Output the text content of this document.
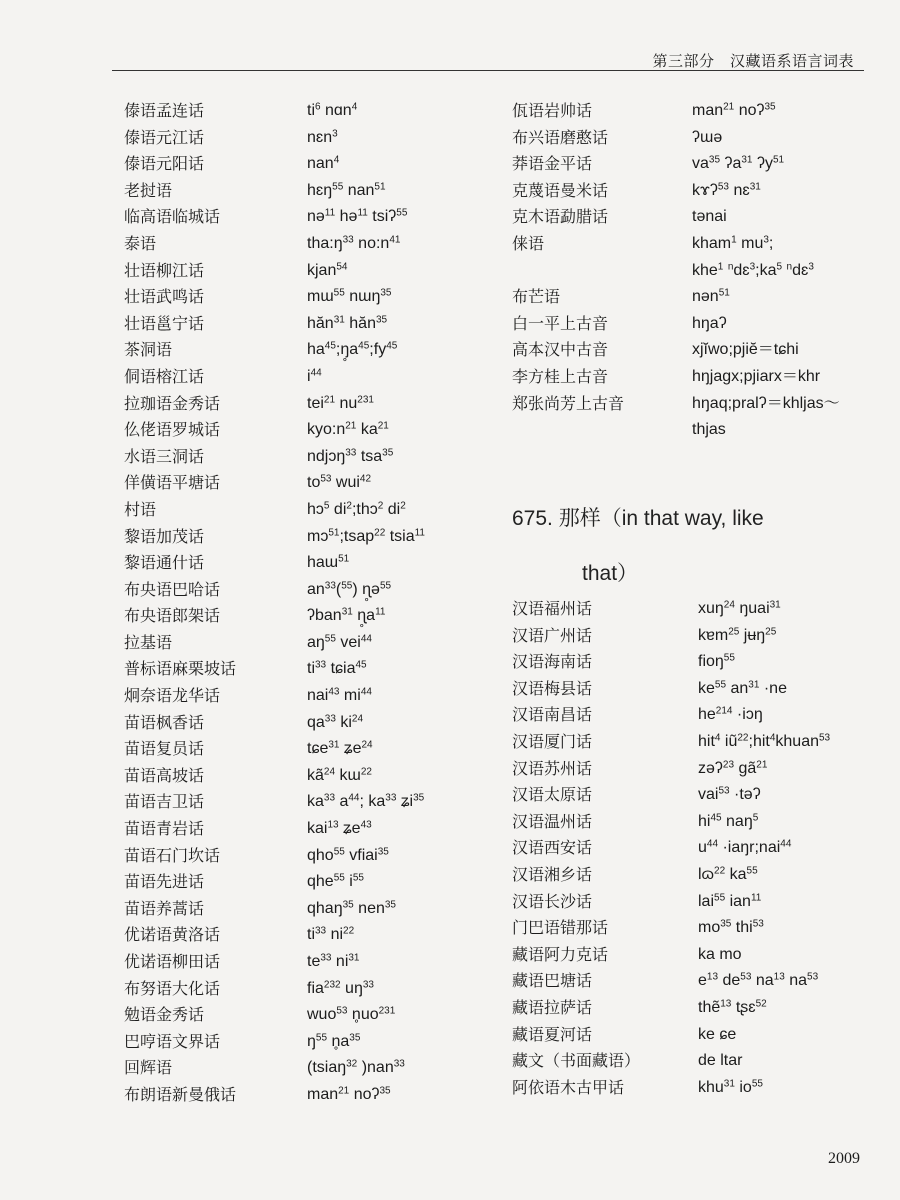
第三部分　汉藏语系语言词表
傣语孟连话	$ti^6$ nɑn$^4$
傣语元江话	nɛn$^3$
傣语元阳话	nan$^4$
老挝语	hɛŋ$^{55}$ nan$^{51}$
临高语临城话	nə$^{11}$ hə$^{11}$ tsiʔ$^{55}$
泰语	$tha:ŋ^{33}$ $no:n^{41}$
壮语柳江话	kjan$^{54}$
壮语武鸣话	mɯ$^{55}$ nɯŋ$^{35}$
壮语邕宁话	hăn$^{31}$ hăn$^{35}$
茶洞语	$ha^{45};ŋ̥a^{45};fy^{45}$
侗语榕江话	$i^{44}$
拉珈语金秀话	tei$^{21}$ $nu^{231}$
仫佬语罗城话	$kyo:n^{21}$ $ka^{21}$
水语三洞话	ndjɔŋ$^{33}$ tsa$^{35}$
佯僙语平塘话	$to^{53}$ wui$^{42}$
村语	hɔ$^5$ $di^2;thɔ^2$ $di^2$
黎语加茂话	mɔ$^{51}$;tsap$^{22}$ tsia$^{11}$
黎语通什话	haɯ$^{51}$
布央语巴哈话	$an^{33}(^{55})$ ɳ̥ə$^{55}$
布央语郎架话	ʔban$^{31}$ $ɳ̥a^{11}$
拉基语	$aŋ^{55}$ vei$^{44}$
普标语麻栗坡话	$ti^{33}$ tɕia$^{45}$
炯奈语龙华话	nai$^{43}$ $mi^{44}$
苗语枫香话	$qa^{33}$ $ki^{24}$
苗语复员话	tɕe$^{31}$ ʑe$^{24}$
苗语高坡话	$kã^{24}$ kɯ$^{22}$
苗语吉卫话	$ka^{33}$ $a^{44}$; $ka^{33}$ ʑi$^{35}$
苗语青岩话	kai$^{13}$ ʑe$^{43}$
苗语石门坎话	qho$^{55}$ vfiai$^{35}$
苗语先进话	qhe$^{55}$ $i^{55}$
苗语养蒿话	qhaŋ$^{35}$ nen$^{35}$
优诺语黄洛话	$ti^{33}$ $ni^{22}$
优诺语柳田话	$te^{33}$ $ni^{31}$
布努语大化话	fia$^{232}$ $uŋ^{33}$
勉语金秀话	wuo$^{53}$ $n̥uo^{231}$
巴哼语文界话	$ŋ^{55}$ $n̥a^{35}$
回辉语	(tsiaŋ$^{32}$ )nan$^{33}$
布朗语新曼俄话	man$^{21}$ noʔ$^{35}$
佤语岩帅话	man$^{21}$ noʔ$^{35}$
布兴语磨憨话	ʔɯə
莽语金平话	$va^{35}$ ʔa$^{31}$ ʔy$^{51}$
克蔑语曼米话	kɤʔ$^{53}$ nɛ$^{31}$
克木语勐腊话	tənai
俫语	kham$^1$ $mu^3$;
khe$^1$ $^ndɛ^3;ka^5$ $^n$dɛ$^3$
布芒语	nən$^{51}$
白一平上古音	hŋaʔ
高本汉中古音	xjĭwo;pjiĕ＝tɕhi
李方桂上古音	hŋjagx;pjiarx＝khr
郑张尚芳上古音	hŋaq;pralʔ＝khljas～
thjas
675. 那样（in that way, like
that）
汉语福州话	xuŋ$^{24}$ ŋuai$^{31}$
汉语广州话	kɐm$^{25}$ jʉŋ$^{25}$
汉语海南话	fioŋ$^{55}$
汉语梅县话	$ke^{55}$ $an^{31} \cdot ne$
汉语南昌话	$he^{214}$ ·iɔŋ
汉语厦门话	hit$^4$ $iũ^{22};hit^4khuan^{53}$
汉语苏州话	zəʔ$^{23}$ $gã^{21}$
汉语太原话	vai$^{53}$ ·təʔ
汉语温州话	$hi^{45}$ naŋ$^5$
汉语西安话	$u^{44}$ ·iaŋr;nai$^{44}$
汉语湘乡话	lɷ$^{22}$ $ka^{55}$
汉语长沙话	lai$^{55}$ ian$^{11}$
门巴语错那话	$mo^{35}$ thi$^{53}$
藏语阿力克话	ka mo
藏语巴塘话	$e^{13}$ $de^{53}$ $na^{13}$ $na^{53}$
藏语拉萨话	thẽ$^{13}$ tʂɛ$^{52}$
藏语夏河话	ke ɕe
藏文（书面藏语）	de ltar
阿依语木古甲话	khu$^{31}$ $io^{55}$
2009
